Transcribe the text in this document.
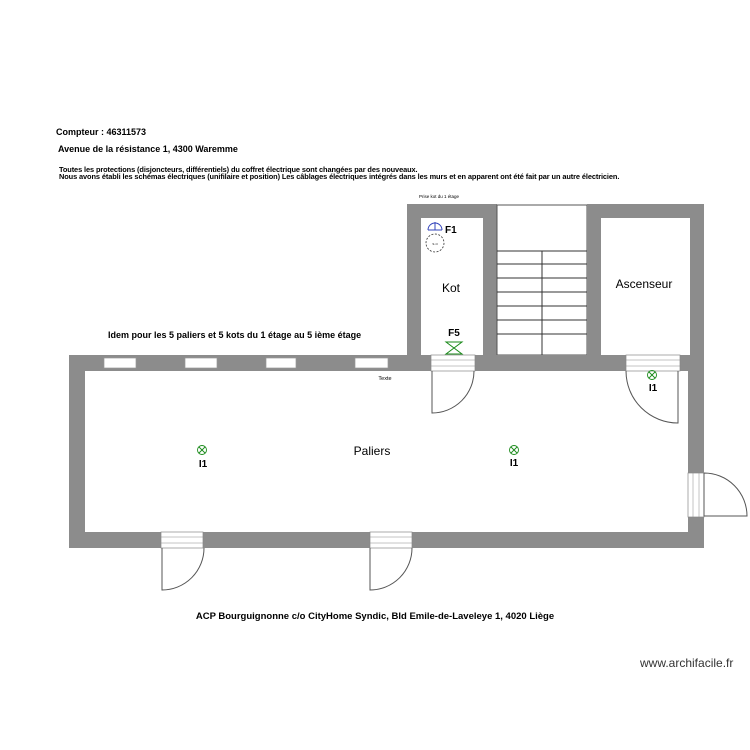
Compteur : 46311573
Avenue de la résistance 1, 4300 Waremme
Toutes les protections (disjoncteurs, différentiels) du coffret électrique sont changées par des nouveaux.
Nous avons établi les schémas électriques (unifilaire et position) Les câblages électriques intégrés dans les murs et en apparent ont été fait par un autre électricien.
Prise kot du 1 étage
Idem pour les 5 paliers et 5 kots du 1 étage au 5 ième étage
s.o
F1
Kot
F5
Ascenseur
I1
Texte
Paliers
I1	I1
ACP Bourguignonne c/o CityHome Syndic, Bld Emile-de-Laveleye 1, 4020 Liège
www.archifacile.fr
